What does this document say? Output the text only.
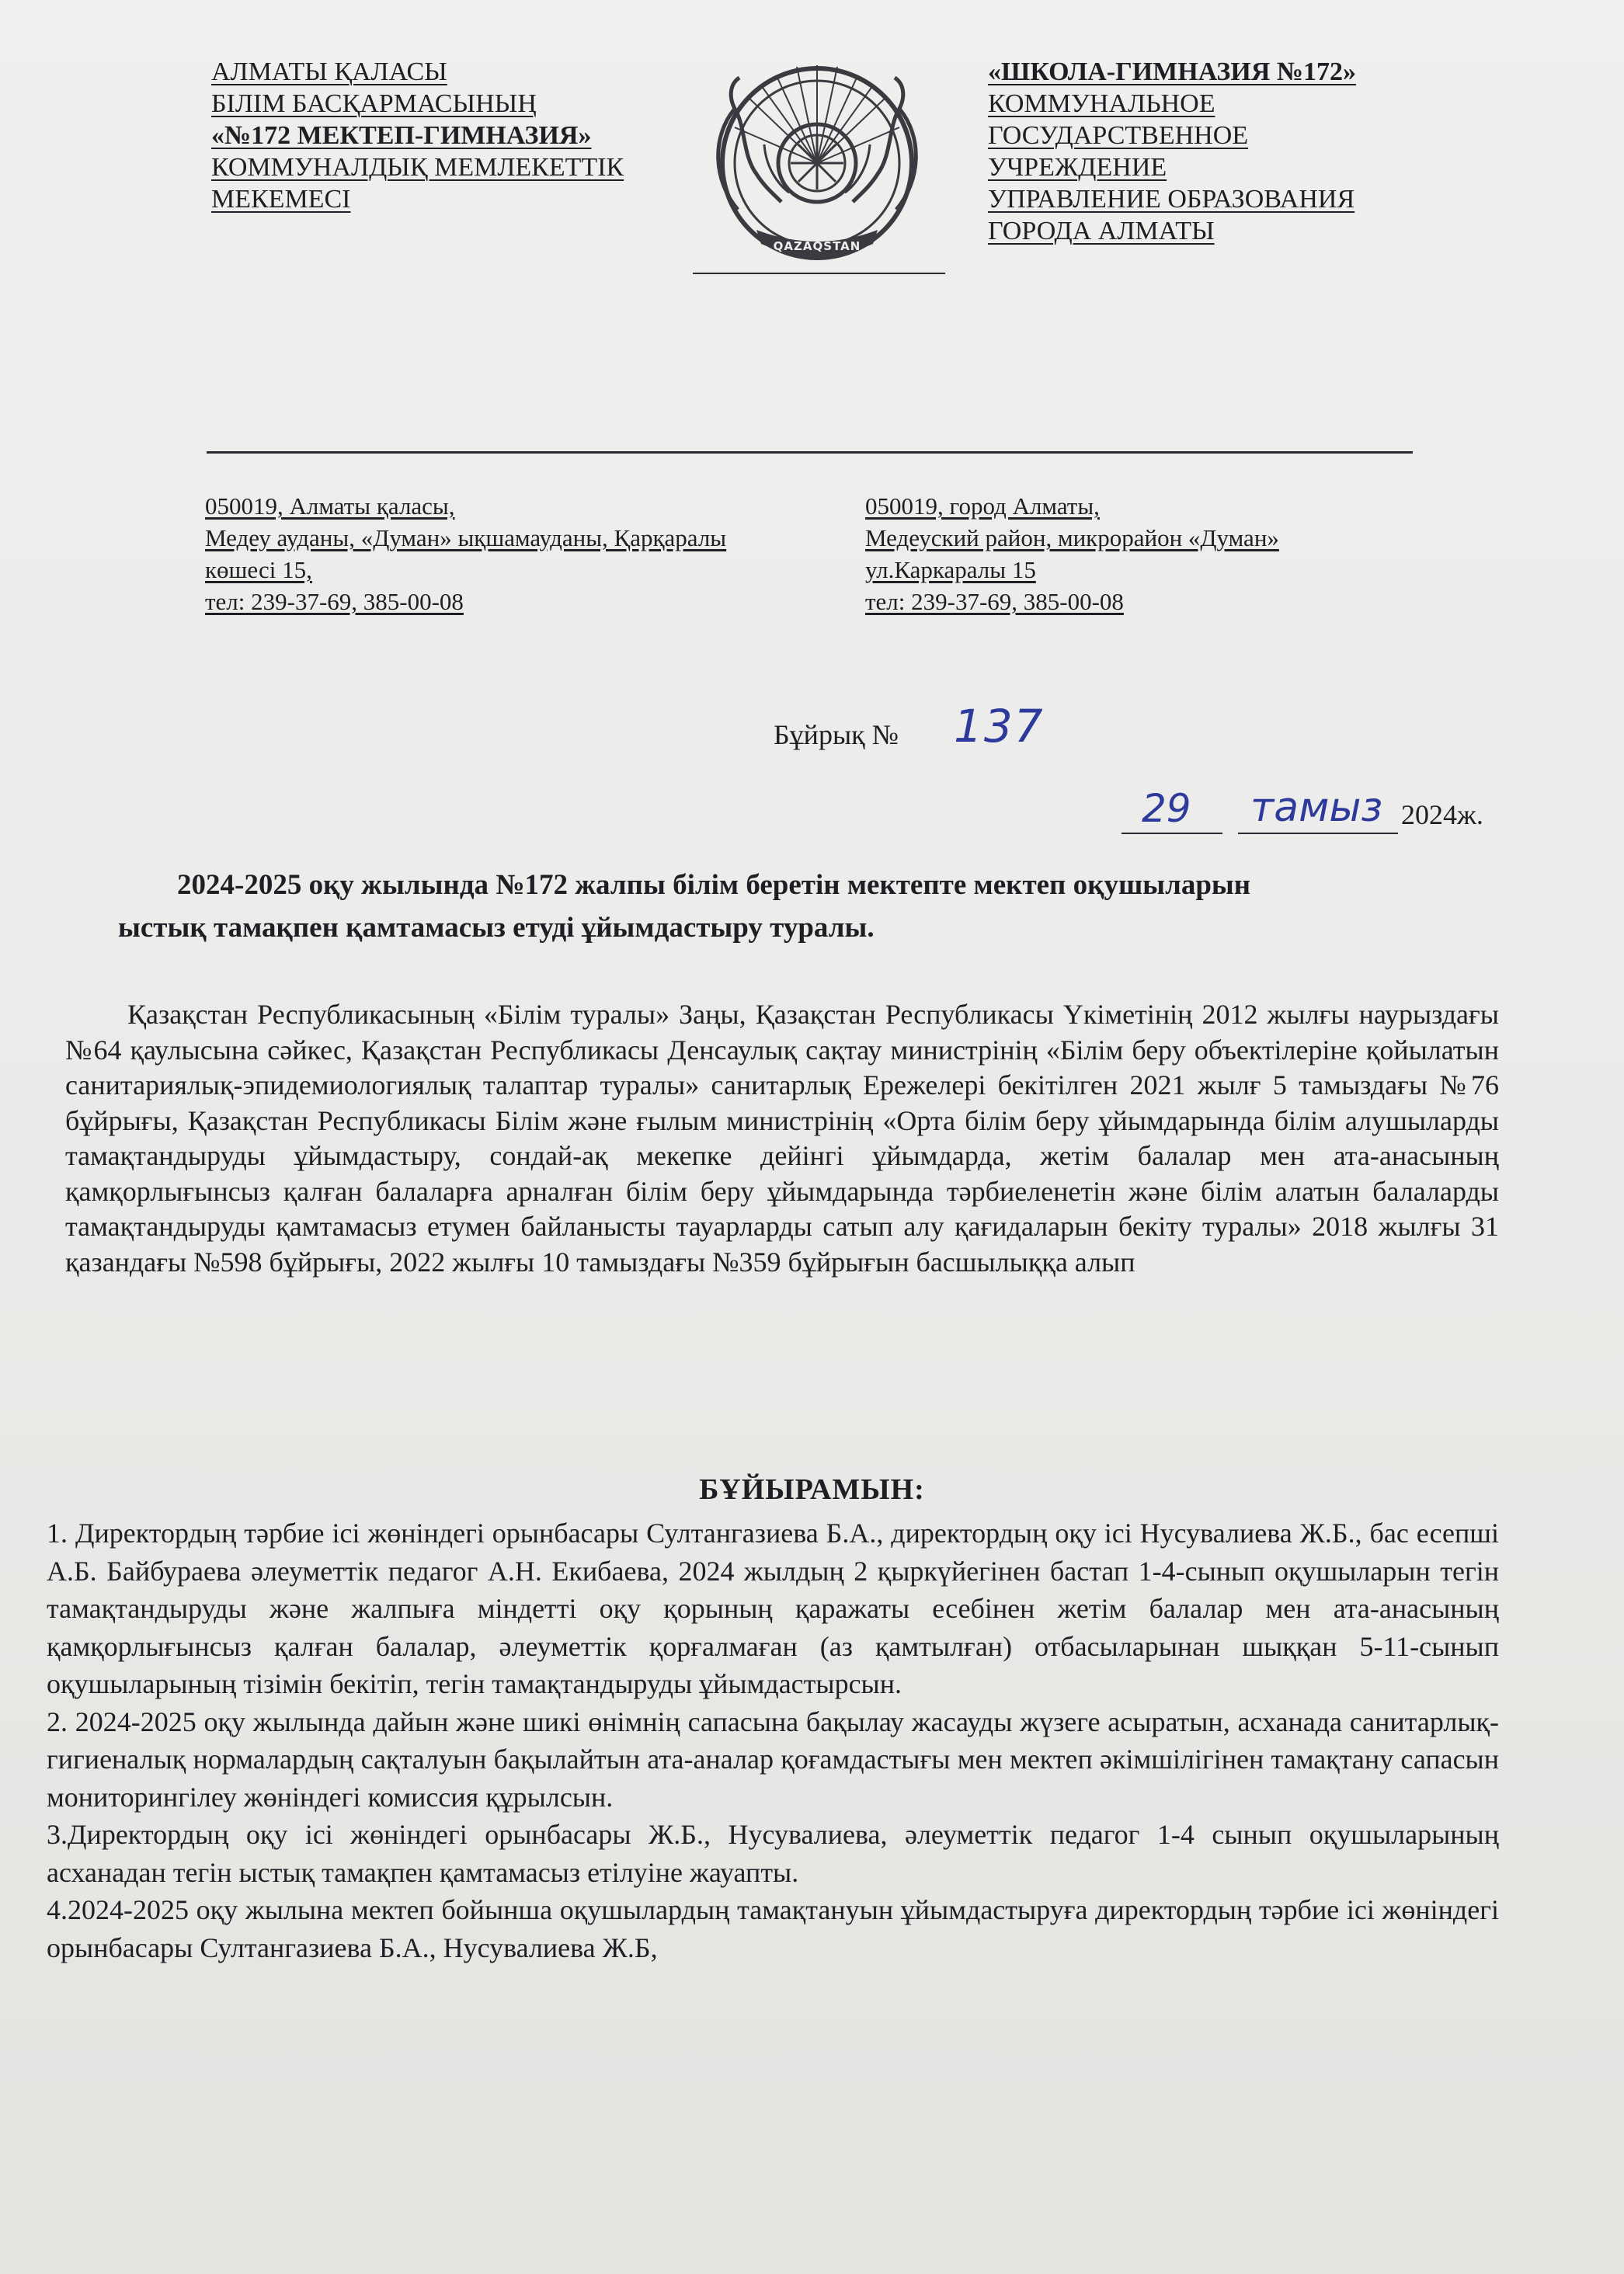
АЛМАТЫ ҚАЛАСЫ
БІЛІМ БАСҚАРМАСЫНЫҢ
«№172 МЕКТЕП-ГИМНАЗИЯ»
КОММУНАЛДЫҚ МЕМЛЕКЕТТІК
МЕКЕМЕСІ
QAZAQSTAN
«ШКОЛА-ГИМНАЗИЯ №172»
КОММУНАЛЬНОЕ
ГОСУДАРСТВЕННОЕ
УЧРЕЖДЕНИЕ
УПРАВЛЕНИЕ ОБРАЗОВАНИЯ
ГОРОДА АЛМАТЫ
050019, Алматы қаласы,
Медеу ауданы, «Думан» ықшамауданы, Қарқаралы
көшесі 15,
тел: 239-37-69, 385-00-08
050019, город Алматы,
Медеуский район, микрорайон «Думан»
ул.Каркаралы 15
тел: 239-37-69, 385-00-08
Бұйрық № 137
29 тамыз 2024ж.
2024-2025 оқу жылында №172 жалпы білім беретін мектепте мектеп оқушыларын
ыстық тамақпен қамтамасыз етуді ұйымдастыру туралы.
Қазақстан Республикасының «Білім туралы» Заңы, Қазақстан Республикасы Үкіметінің 2012 жылғы наурыздағы №64 қаулысына сәйкес, Қазақстан Республикасы Денсаулық сақтау министрінің «Білім беру объектілеріне қойылатын санитариялық-эпидемиологиялық талаптар туралы» санитарлық Ережелері бекітілген 2021 жылғ 5 тамыздағы №76 бұйрығы, Қазақстан Республикасы Білім және ғылым министрінің «Орта білім беру ұйымдарында білім алушыларды тамақтандыруды ұйымдастыру, сондай-ақ мекепке дейінгі ұйымдарда, жетім балалар мен ата-анасының қамқорлығынсыз қалған балаларға арналған білім беру ұйымдарында тәрбиеленетін және білім алатын балаларды тамақтандыруды қамтамасыз етумен байланысты тауарларды сатып алу қағидаларын бекіту туралы» 2018 жылғы 31 қазандағы №598 бұйрығы, 2022 жылғы 10 тамыздағы №359 бұйрығын басшылыққа алып
БҰЙЫРАМЫН:
1. Директордың тәрбие ісі жөніндегі орынбасары Султангазиева Б.А., директордың оқу ісі Нусувалиева Ж.Б., бас есепші А.Б. Байбураева әлеуметтік педагог А.Н. Екибаева, 2024 жылдың 2 қыркүйегінен бастап 1-4-сынып оқушыларын тегін тамақтандыруды және жалпыға міндетті оқу қорының қаражаты есебінен жетім балалар мен ата-анасының қамқорлығынсыз қалған балалар, әлеуметтік қорғалмаған (аз қамтылған) отбасыларынан шыққан 5-11-сынып оқушыларының тізімін бекітіп, тегін тамақтандыруды ұйымдастырсын.
2. 2024-2025 оқу жылында дайын және шикі өнімнің сапасына бақылау жасауды жүзеге асыратын, асханада санитарлық-гигиеналық нормалардың сақталуын бақылайтын ата-аналар қоғамдастығы мен мектеп әкімшілігінен тамақтану сапасын мониторингілеу жөніндегі комиссия құрылсын.
3.Директордың оқу ісі жөніндегі орынбасары Ж.Б., Нусувалиева, әлеуметтік педагог 1-4 сынып оқушыларының асханадан тегін ыстық тамақпен қамтамасыз етілуіне жауапты.
4.2024-2025 оқу жылына мектеп бойынша оқушылардың тамақтануын ұйымдастыруға директордың тәрбие ісі жөніндегі орынбасары Султангазиева Б.А., Нусувалиева Ж.Б,
